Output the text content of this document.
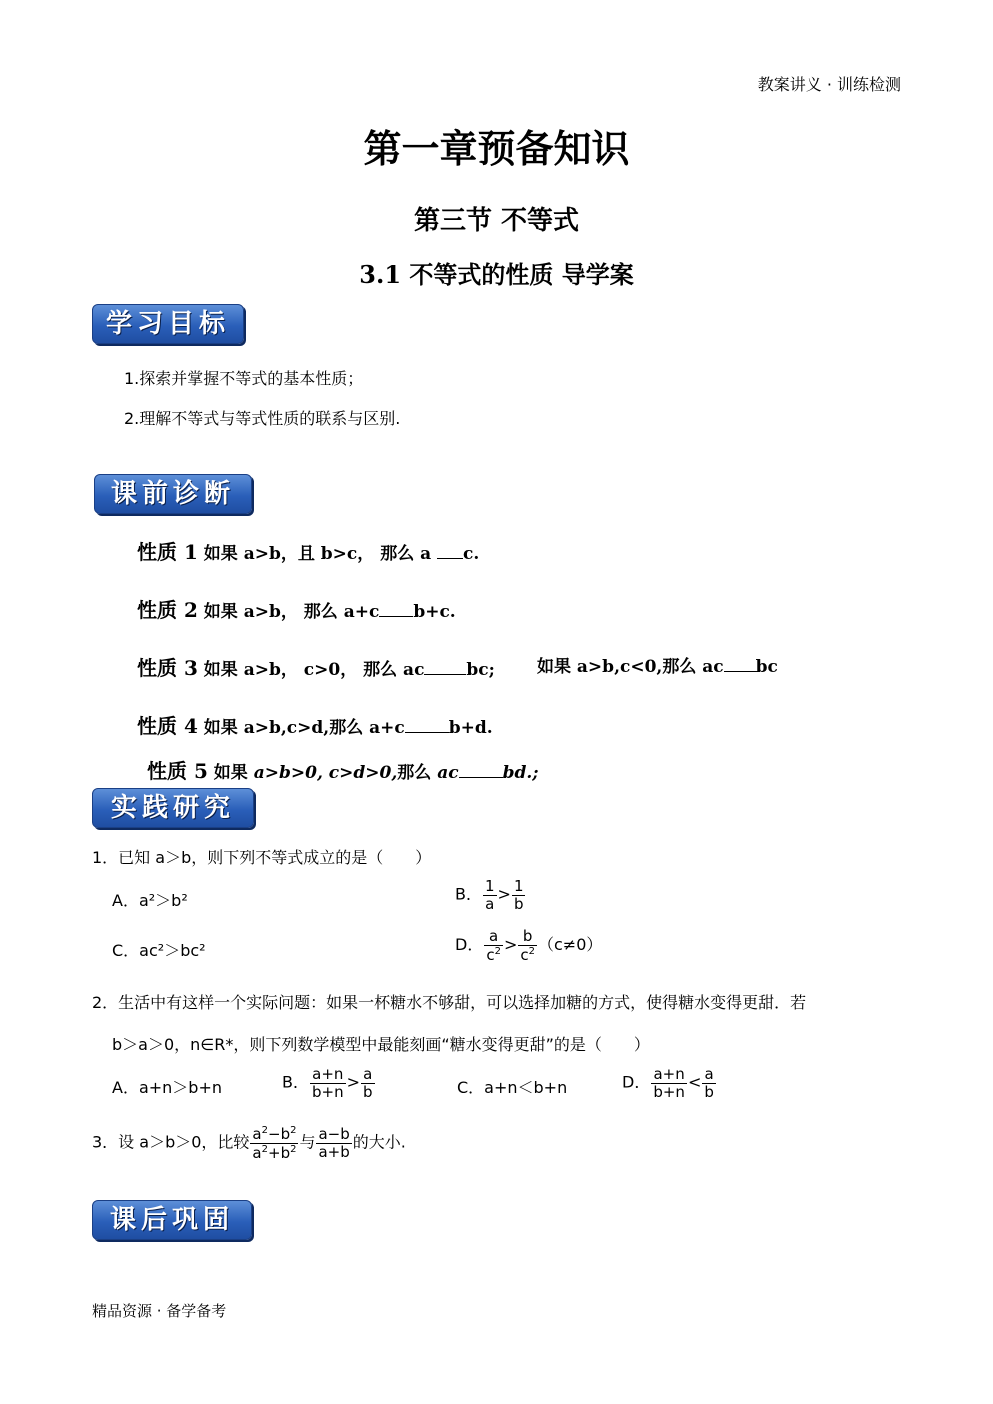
教案讲义 · 训练检测
精品资源 · 备学备考
第一章预备知识
第三节 不等式
3.1 不等式的性质 导学案
学习目标
1.探索并掌握不等式的基本性质；
2.理解不等式与等式性质的联系与区别.
课前诊断
性质 1 如果 a>b，且 b>c， 那么 a c.
性质 2 如果 a>b， 那么 a+c b+c.
性质 3 如果 a>b， c>0， 那么 ac bc; 如果 a>b,c<0,那么 ac bc
性质 4 如果 a>b,c>d,那么 a+c	b+d.
性质 5 如果 a>b>0, c>d>0,那么 ac	bd.;
实践研究
1．已知 a＞b，则下列不等式成立的是（　　）
A．a²＞b²	B． $\frac{1}{a} > \frac{1}{b}$
C．ac²＞bc²	D． $\frac{a}{c^2} > \frac{b}{c^2} (c\ne 0)$
2．生活中有这样一个实际问题：如果一杯糖水不够甜，可以选择加糖的方式，使得糖水变得更甜．若
b＞a＞0，n∈R*，则下列数学模型中最能刻画“糖水变得更甜”的是（　　）
A．a+n＞b+n	B． $\frac{a+n}{b+n} > \frac{a}{b}$	C．a+n＜b+n	D． $\frac{a+n}{b+n} < \frac{a}{b}$
3．设 a＞b＞0，比较 $\frac{a^2-b^2}{a^2+b^2}$ 与 $\frac{a-b}{a+b}$ 的大小.
课后巩固
